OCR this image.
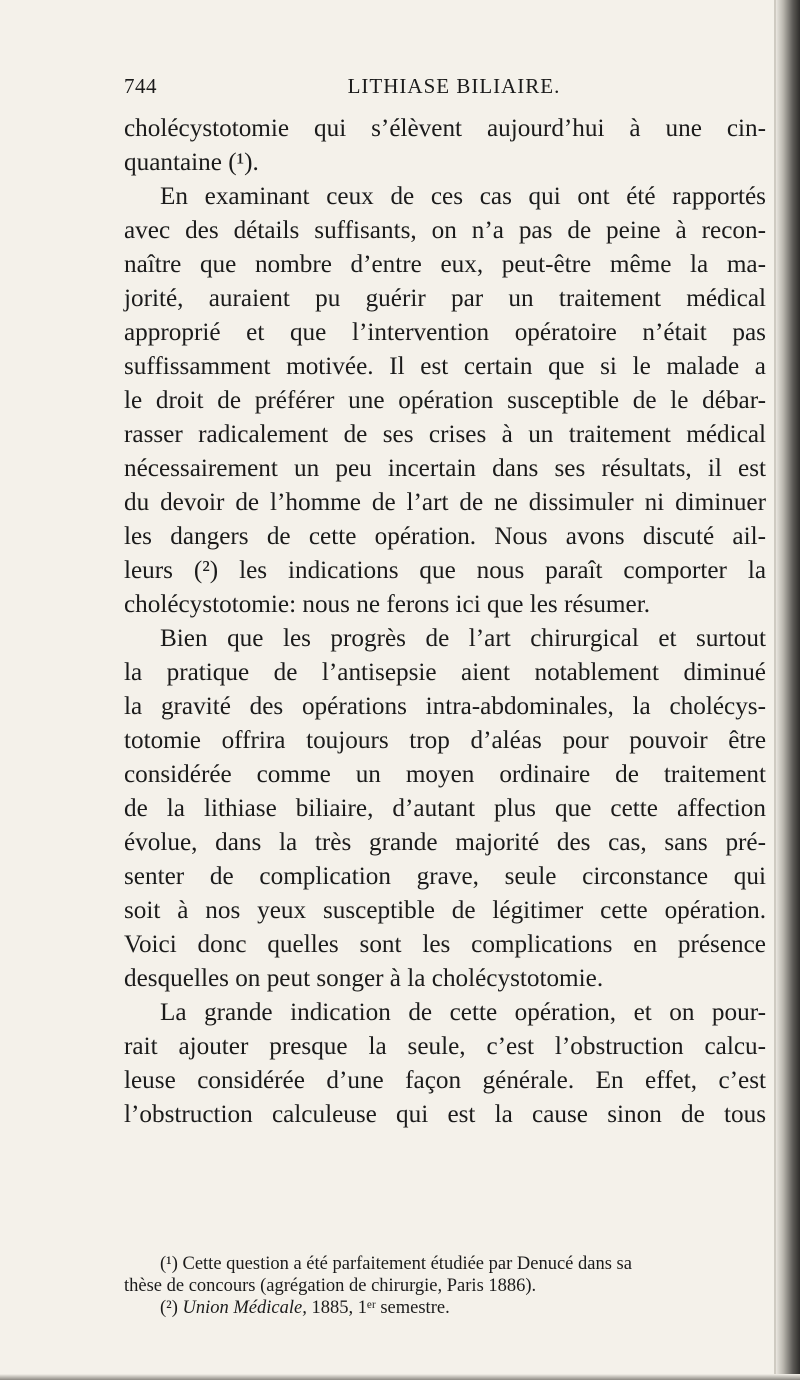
744	LITHIASE BILIAIRE.
cholécystotomie qui s’élèvent aujourd’hui à une cin-
quantaine (¹).
En examinant ceux de ces cas qui ont été rapportés
avec des détails suffisants, on n’a pas de peine à recon-
naître que nombre d’entre eux, peut-être même la ma-
jorité, auraient pu guérir par un traitement médical
approprié et que l’intervention opératoire n’était pas
suffissamment motivée. Il est certain que si le malade a
le droit de préférer une opération susceptible de le débar-
rasser radicalement de ses crises à un traitement médical
nécessairement un peu incertain dans ses résultats, il est
du devoir de l’homme de l’art de ne dissimuler ni diminuer
les dangers de cette opération. Nous avons discuté ail-
leurs (²) les indications que nous paraît comporter la
cholécystotomie: nous ne ferons ici que les résumer.
Bien que les progrès de l’art chirurgical et surtout
la pratique de l’antisepsie aient notablement diminué
la gravité des opérations intra-abdominales, la cholécys-
totomie offrira toujours trop d’aléas pour pouvoir être
considérée comme un moyen ordinaire de traitement
de la lithiase biliaire, d’autant plus que cette affection
évolue, dans la très grande majorité des cas, sans pré-
senter de complication grave, seule circonstance qui
soit à nos yeux susceptible de légitimer cette opération.
Voici donc quelles sont les complications en présence
desquelles on peut songer à la cholécystotomie.
La grande indication de cette opération, et on pour-
rait ajouter presque la seule, c’est l’obstruction calcu-
leuse considérée d’une façon générale. En effet, c’est
l’obstruction calculeuse qui est la cause sinon de tous
(¹) Cette question a été parfaitement étudiée par Denucé dans sa
thèse de concours (agrégation de chirurgie, Paris 1886).
(²) Union Médicale, 1885, 1ᵉʳ semestre.
